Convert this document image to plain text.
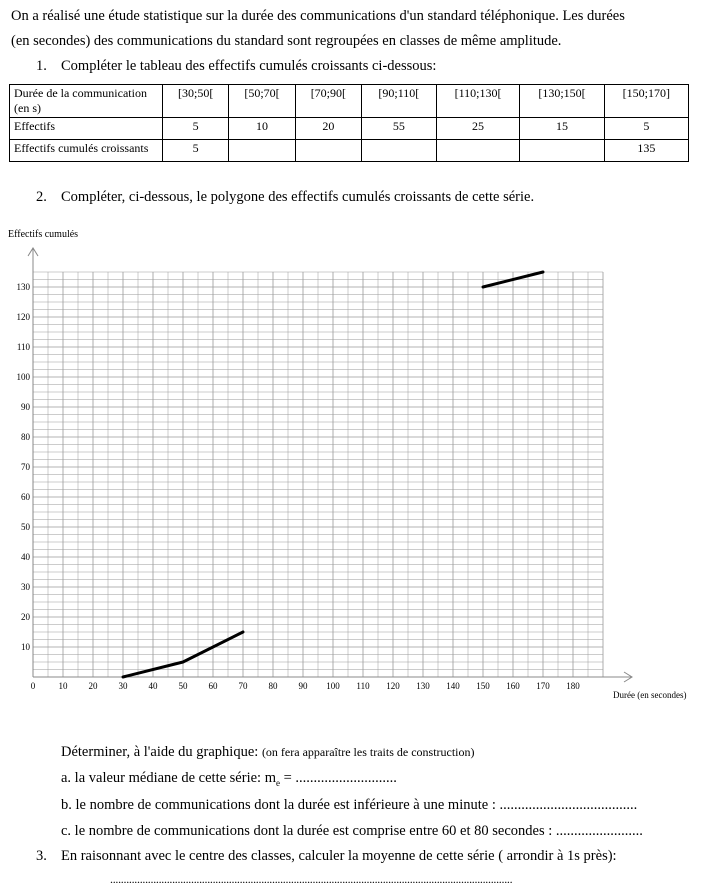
On a réalisé une étude statistique sur la durée des communications d'un standard téléphonique. Les durées
(en secondes) des communications du standard sont regroupées en classes de même amplitude.
1. Compléter le tableau des effectifs cumulés croissants ci-dessous:
Durée de la communication (en s)	[30;50[	[50;70[	[70;90[	[90;110[	[110;130[	[130;150[	[150;170]
Effectifs	5	10	20	55	25	15	5
Effectifs cumulés croissants	5						135
2. Compléter, ci-dessous, le polygone des effectifs cumulés croissants de cette série.
Effectifs cumulés
0	10 20 30 40 50 60 70 80 90 100 110 120 130 140 150 160 170 180
10
20
30
40
50
60
70
80
90
100
110
120
130
Durée (en secondes)
Déterminer, à l'aide du graphique: (on fera apparaître les traits de construction)
a. la valeur médiane de cette série: $m_e$ = ............................
b. le nombre de communications dont la durée est inférieure à une minute : ......................................
c. le nombre de communications dont la durée est comprise entre 60 et 80 secondes : ........................
3. En raisonnant avec le centre des classes, calculer la moyenne de cette série ( arrondir à 1s près):
.....................................................................................................................................................
